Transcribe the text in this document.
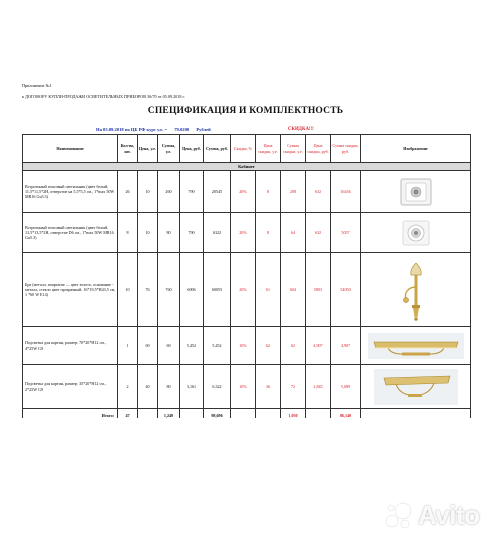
Приложение №1
к ДОГОВОРУ КУПЛИ-ПРОДАЖИ ОСВЕТИТЕЛЬНЫХ ПРИБОРОВ 36/70 от 05.09.2018 г.
СПЕЦИФИКАЦИЯ И КОМПЛЕКТНОСТЬ
На 05.09.2018 по ЦБ РФ курс у.е. = 79.0200 Рублей	СКИДКА!!!
Наименование	Кол-во, шт.	Цена, у.е.	Сумма, у.е.	Цена, руб.	Сумма, руб.	Скидка, %	Цена скидки, у.е.	Сумма скидки, у.е.	Цена скидки, руб.	Сумма скидки, руб.	Изображение
Кабинет											
Встроенный гипсовый светильник (цвет белый, 11,5*11,5*2Н, отверстие на 5,5*5,5 см., 1*max 50W MR16 Gu5.3)	26	10	260	790	20545	20%	8	208	632	16436	

Встроенный гипсовый светильник (цвет белый, 13,5*13,5*2Н, отверстие D6 см., 1*max 50W MR16 Gu5.3)	8	10	80	790	6322	20%	8	64	632	5057	

Бра (металл, покрытие — цвет золото, основание - металл, стекло цвет прозрачный, 16*19,5*Н43,5 см, 1 *60 W E14)	10	76	760	6006	60055	20%	61	604	5803	54050	

Подсветка для картин, размер: 70*20*Н12 см., 4*25W G9	1	69	69	5,452	5,452	10%	62	62	4,907	4,907	

Подсветка для картин, размер: 35*20*Н12 см., 2*25W G9	2	40	80	3,161	6,322	10%	36	72	2,845	5,689	

Итого:	47		1,249		98,696			1,050		86,140	
Avito
